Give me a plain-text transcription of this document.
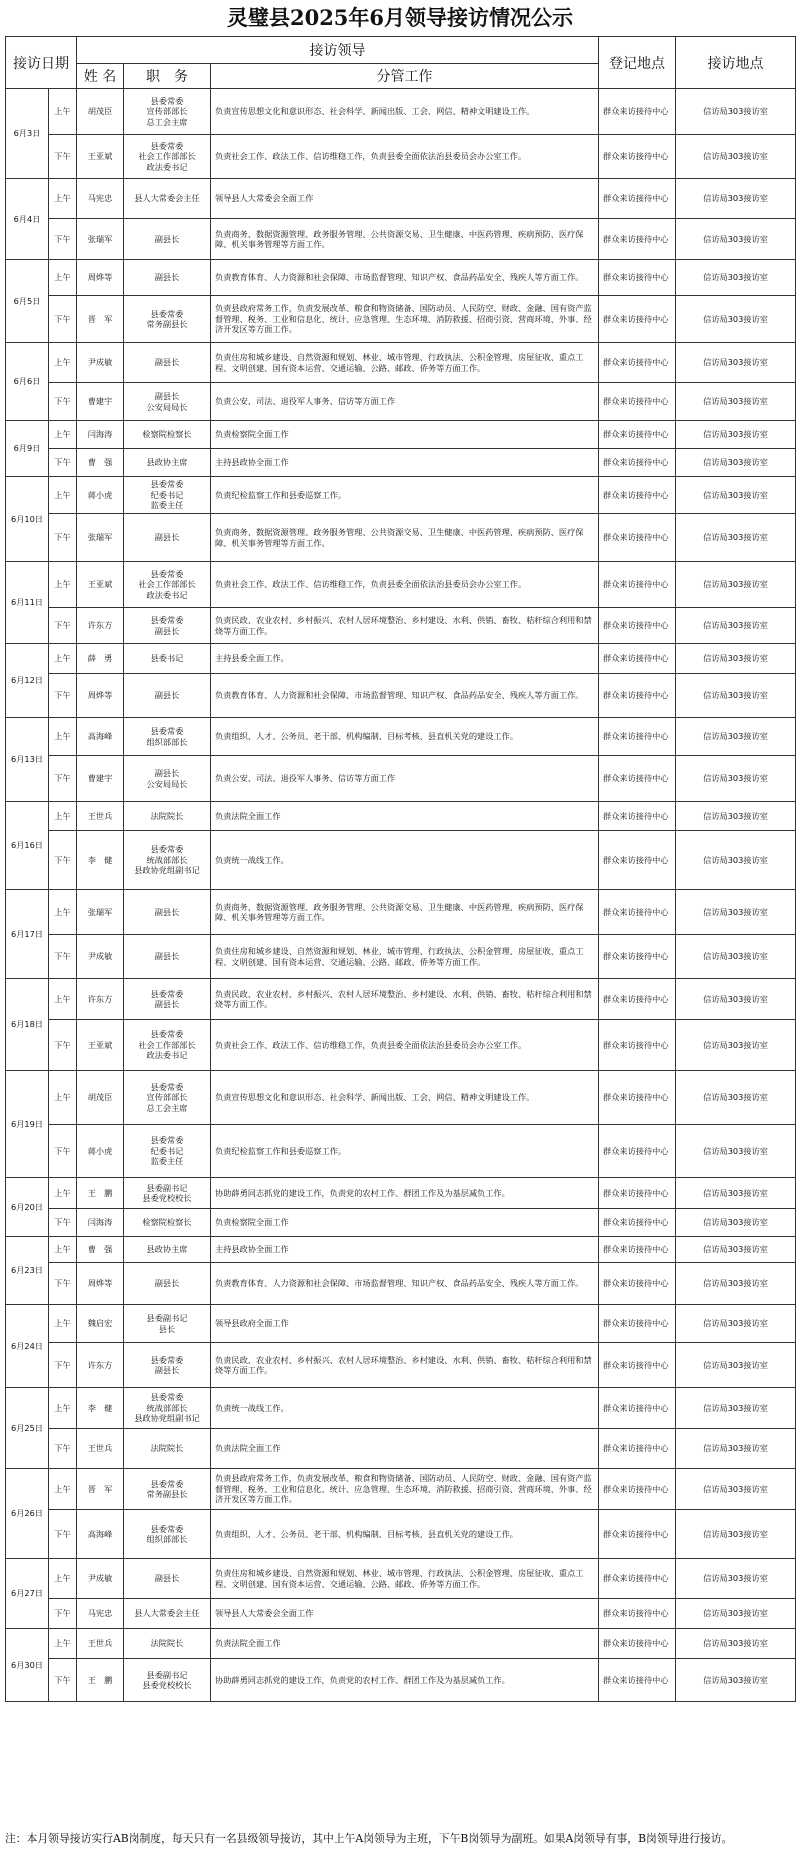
灵璧县2025年6月领导接访情况公示
接访日期		接访领导			登记地点	接访地点
		姓 名	职　务	分管工作		
6月3日	上午	胡茂臣	县委常委
宣传部部长
总工会主席	负责宣传思想文化和意识形态、社会科学、新闻出版、工会、网信、精神文明建设工作。	群众来访接待中心	信访局303接访室
	下午	王亚斌	县委常委
社会工作部部长
政法委书记	负责社会工作、政法工作、信访维稳工作，负责县委全面依法治县委员会办公室工作。	群众来访接待中心	信访局303接访室
6月4日	上午	马宪忠	县人大常委会主任	领导县人大常委会全面工作	群众来访接待中心	信访局303接访室
	下午	张瑞军	副县长	负责商务、数据资源管理、政务服务管理、公共资源交易、卫生健康、中医药管理、疾病预防、医疗保障、机关事务管理等方面工作。	群众来访接待中心	信访局303接访室
6月5日	上午	周烨等	副县长	负责教育体育、人力资源和社会保障、市场监督管理、知识产权、食品药品安全、残疾人等方面工作。	群众来访接待中心	信访局303接访室
	下午	晋　军	县委常委
常务副县长	负责县政府常务工作，负责发展改革、粮食和物资储备、国防动员、人民防空、财政、金融、国有资产监督管理、税务、工业和信息化、统计、应急管理、生态环境、消防救援、招商引资、营商环境、外事、经济开发区等方面工作。	群众来访接待中心	信访局303接访室
6月6日	上午	尹成敏	副县长	负责住房和城乡建设、自然资源和规划、林业、城市管理、行政执法、公积金管理、房屋征收、重点工程、文明创建、国有资本运营、交通运输、公路、邮政、侨务等方面工作。	群众来访接待中心	信访局303接访室
	下午	曹建宇	副县长
公安局局长	负责公安、司法、退役军人事务、信访等方面工作	群众来访接待中心	信访局303接访室
6月9日	上午	闫海涛	检察院检察长	负责检察院全面工作	群众来访接待中心	信访局303接访室
	下午	曹　强	县政协主席	主持县政协全面工作	群众来访接待中心	信访局303接访室
6月10日	上午	蒋小虎	县委常委
纪委书记
监委主任	负责纪检监察工作和县委巡察工作。	群众来访接待中心	信访局303接访室
	下午	张瑞军	副县长	负责商务、数据资源管理、政务服务管理、公共资源交易、卫生健康、中医药管理、疾病预防、医疗保障、机关事务管理等方面工作。	群众来访接待中心	信访局303接访室
6月11日	上午	王亚斌	县委常委
社会工作部部长
政法委书记	负责社会工作、政法工作、信访维稳工作，负责县委全面依法治县委员会办公室工作。	群众来访接待中心	信访局303接访室
	下午	许东方	县委常委
副县长	负责民政、农业农村、乡村振兴、农村人居环境整治、乡村建设、水利、供销、畜牧、秸秆综合利用和禁烧等方面工作。	群众来访接待中心	信访局303接访室
6月12日	上午	薛　勇	县委书记	主持县委全面工作。	群众来访接待中心	信访局303接访室
	下午	周烨等	副县长	负责教育体育、人力资源和社会保障、市场监督管理、知识产权、食品药品安全、残疾人等方面工作。	群众来访接待中心	信访局303接访室
6月13日	上午	高海峰	县委常委
组织部部长	负责组织、人才、公务员、老干部、机构编制、目标考核、县直机关党的建设工作。	群众来访接待中心	信访局303接访室
	下午	曹建宇	副县长
公安局局长	负责公安、司法、退役军人事务、信访等方面工作	群众来访接待中心	信访局303接访室
6月16日	上午	王世兵	法院院长	负责法院全面工作	群众来访接待中心	信访局303接访室
	下午	李　健	县委常委
统战部部长
县政协党组副书记	负责统一战线工作。	群众来访接待中心	信访局303接访室
6月17日	上午	张瑞军	副县长	负责商务、数据资源管理、政务服务管理、公共资源交易、卫生健康、中医药管理、疾病预防、医疗保障、机关事务管理等方面工作。	群众来访接待中心	信访局303接访室
	下午	尹成敏	副县长	负责住房和城乡建设、自然资源和规划、林业、城市管理、行政执法、公积金管理、房屋征收、重点工程、文明创建、国有资本运营、交通运输、公路、邮政、侨务等方面工作。	群众来访接待中心	信访局303接访室
6月18日	上午	许东方	县委常委
副县长	负责民政、农业农村、乡村振兴、农村人居环境整治、乡村建设、水利、供销、畜牧、秸秆综合利用和禁烧等方面工作。	群众来访接待中心	信访局303接访室
	下午	王亚斌	县委常委
社会工作部部长
政法委书记	负责社会工作、政法工作、信访维稳工作，负责县委全面依法治县委员会办公室工作。	群众来访接待中心	信访局303接访室
6月19日	上午	胡茂臣	县委常委
宣传部部长
总工会主席	负责宣传思想文化和意识形态、社会科学、新闻出版、工会、网信、精神文明建设工作。	群众来访接待中心	信访局303接访室
	下午	蒋小虎	县委常委
纪委书记
监委主任	负责纪检监察工作和县委巡察工作。	群众来访接待中心	信访局303接访室
6月20日	上午	王　鹏	县委副书记
县委党校校长	协助薛勇同志抓党的建设工作，负责党的农村工作、群团工作及为基层减负工作。	群众来访接待中心	信访局303接访室
	下午	闫海涛	检察院检察长	负责检察院全面工作	群众来访接待中心	信访局303接访室
6月23日	上午	曹　强	县政协主席	主持县政协全面工作	群众来访接待中心	信访局303接访室
	下午	周烨等	副县长	负责教育体育、人力资源和社会保障、市场监督管理、知识产权、食品药品安全、残疾人等方面工作。	群众来访接待中心	信访局303接访室
6月24日	上午	魏启宏	县委副书记
县长	领导县政府全面工作	群众来访接待中心	信访局303接访室
	下午	许东方	县委常委
副县长	负责民政、农业农村、乡村振兴、农村人居环境整治、乡村建设、水利、供销、畜牧、秸秆综合利用和禁烧等方面工作。	群众来访接待中心	信访局303接访室
6月25日	上午	李　健	县委常委
统战部部长
县政协党组副书记	负责统一战线工作。	群众来访接待中心	信访局303接访室
	下午	王世兵	法院院长	负责法院全面工作	群众来访接待中心	信访局303接访室
6月26日	上午	晋　军	县委常委
常务副县长	负责县政府常务工作，负责发展改革、粮食和物资储备、国防动员、人民防空、财政、金融、国有资产监督管理、税务、工业和信息化、统计、应急管理、生态环境、消防救援、招商引资、营商环境、外事、经济开发区等方面工作。	群众来访接待中心	信访局303接访室
	下午	高海峰	县委常委
组织部部长	负责组织、人才、公务员、老干部、机构编制、目标考核、县直机关党的建设工作。	群众来访接待中心	信访局303接访室
6月27日	上午	尹成敏	副县长	负责住房和城乡建设、自然资源和规划、林业、城市管理、行政执法、公积金管理、房屋征收、重点工程、文明创建、国有资本运营、交通运输、公路、邮政、侨务等方面工作。	群众来访接待中心	信访局303接访室
	下午	马宪忠	县人大常委会主任	领导县人大常委会全面工作	群众来访接待中心	信访局303接访室
6月30日	上午	王世兵	法院院长	负责法院全面工作	群众来访接待中心	信访局303接访室
	下午	王　鹏	县委副书记
县委党校校长	协助薛勇同志抓党的建设工作，负责党的农村工作、群团工作及为基层减负工作。	群众来访接待中心	信访局303接访室
注：本月领导接访实行AB岗制度，每天只有一名县级领导接访，其中上午A岗领导为主班，下午B岗领导为副班。如果A岗领导有事，B岗领导进行接访。
